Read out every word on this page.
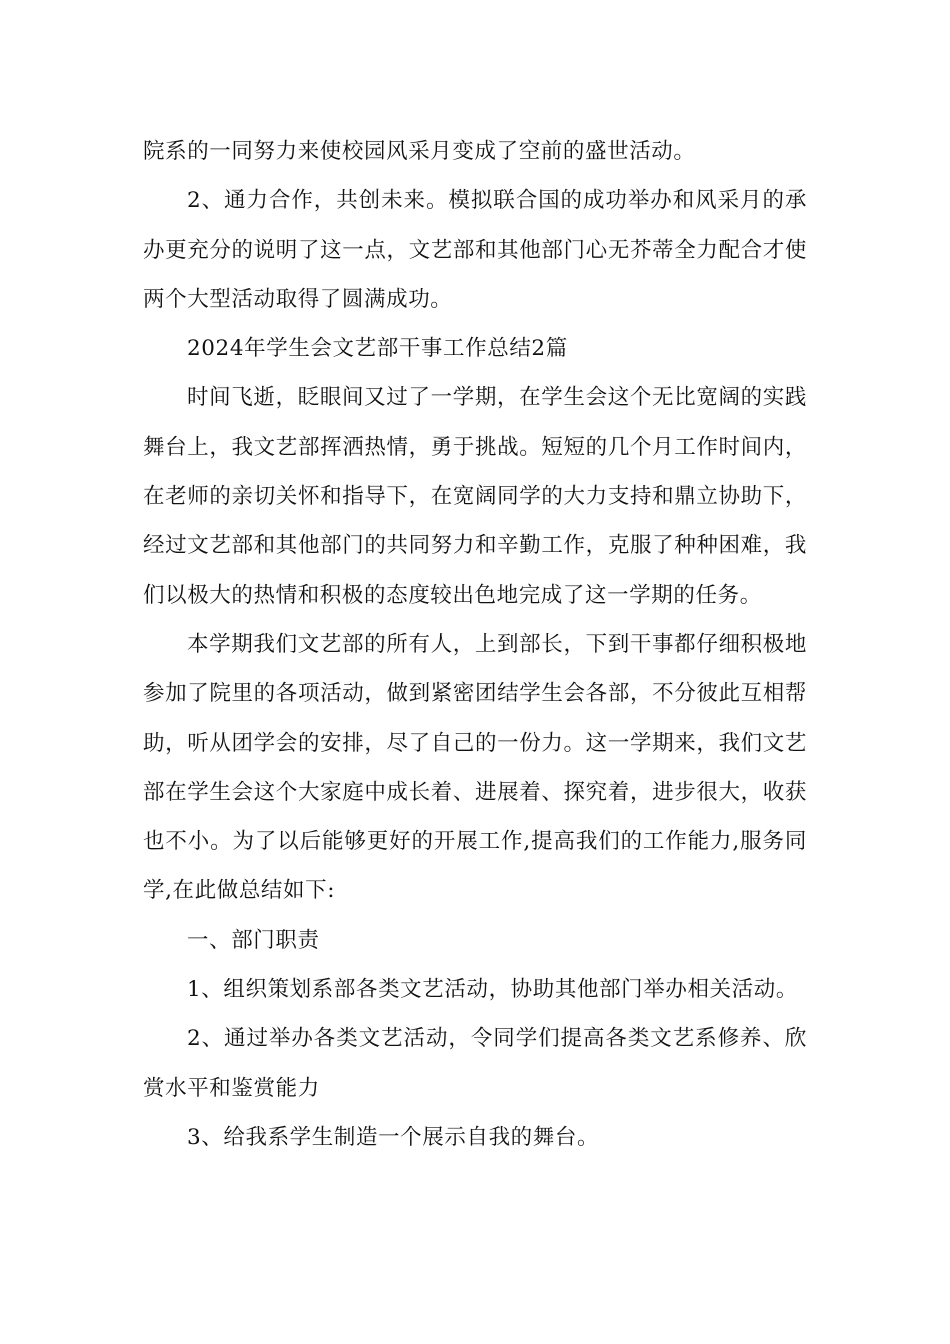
院系的一同努力来使校园风采月变成了空前的盛世活动。

2、通力合作，共创未来。模拟联合国的成功举办和风采月的承办更充分的说明了这一点，文艺部和其他部门心无芥蒂全力配合才使两个大型活动取得了圆满成功。

2024年学生会文艺部干事工作总结2篇

时间飞逝，眨眼间又过了一学期，在学生会这个无比宽阔的实践舞台上，我文艺部挥洒热情，勇于挑战。短短的几个月工作时间内，在老师的亲切关怀和指导下，在宽阔同学的大力支持和鼎立协助下，经过文艺部和其他部门的共同努力和辛勤工作，克服了种种困难，我们以极大的热情和积极的态度较出色地完成了这一学期的任务。

本学期我们文艺部的所有人，上到部长，下到干事都仔细积极地参加了院里的各项活动，做到紧密团结学生会各部，不分彼此互相帮助，听从团学会的安排，尽了自己的一份力。这一学期来，我们文艺部在学生会这个大家庭中成长着、进展着、探究着，进步很大，收获也不小。为了以后能够更好的开展工作,提高我们的工作能力,服务同学,在此做总结如下:

一、部门职责

1、组织策划系部各类文艺活动，协助其他部门举办相关活动。

2、通过举办各类文艺活动，令同学们提高各类文艺系修养、欣赏水平和鉴赏能力

3、给我系学生制造一个展示自我的舞台。
